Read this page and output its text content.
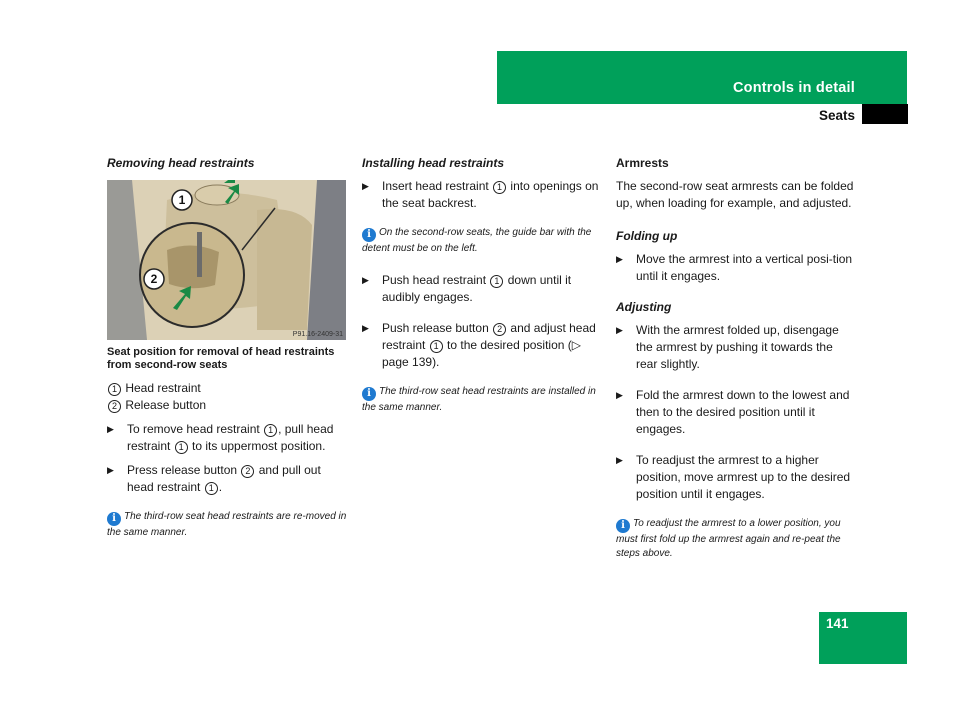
Controls in detail
Seats
Removing head restraints
1
2
P91.16-2409-31
Seat position for removal of head restraints from second-row seats
1 Head restraint
2 Release button
▶ To remove head restraint 1 , pull head restraint 1 to its uppermost position.
▶ Press release button 2 and pull out head restraint 1 .
i The third-row seat head restraints are re-moved in the same manner.
Installing head restraints
▶ Insert head restraint 1 into openings on the seat backrest.
i On the second-row seats, the guide bar with the detent must be on the left.
▶ Push head restraint 1 down until it audibly engages.
▶ Push release button 2 and adjust head restraint 1 to the desired position (▷ page 139).
i The third-row seat head restraints are installed in the same manner.
Armrests
The second-row seat armrests can be folded up, when loading for example, and adjusted.
Folding up
▶ Move the armrest into a vertical posi-tion until it engages.
Adjusting
▶ With the armrest folded up, disengage the armrest by pushing it towards the rear slightly.
▶ Fold the armrest down to the lowest and then to the desired position until it engages.
▶ To readjust the armrest to a higher position, move armrest up to the desired position until it engages.
i To readjust the armrest to a lower position, you must first fold up the armrest again and re-peat the steps above.
141
